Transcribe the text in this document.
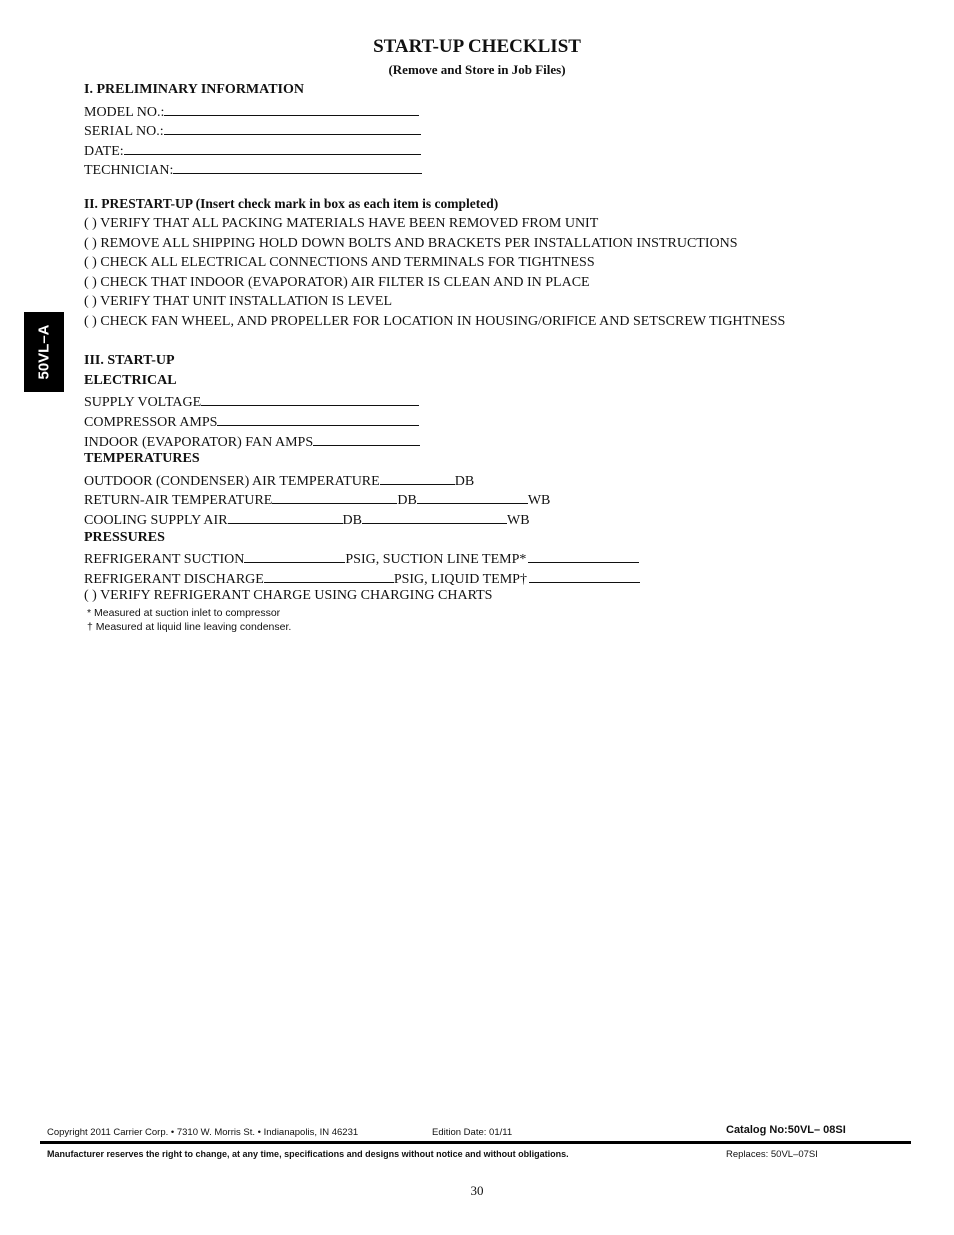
START-UP CHECKLIST
(Remove and Store in Job Files)
50VL–A
I. PRELIMINARY INFORMATION
MODEL NO.:
SERIAL NO.:
DATE:
TECHNICIAN:
II. PRESTART-UP (Insert check mark in box as each item is completed)
( ) VERIFY THAT ALL PACKING MATERIALS HAVE BEEN REMOVED FROM UNIT
( ) REMOVE ALL SHIPPING HOLD DOWN BOLTS AND BRACKETS PER INSTALLATION INSTRUCTIONS
( ) CHECK ALL ELECTRICAL CONNECTIONS AND TERMINALS FOR TIGHTNESS
( ) CHECK THAT INDOOR (EVAPORATOR) AIR FILTER IS CLEAN AND IN PLACE
( ) VERIFY THAT UNIT INSTALLATION IS LEVEL
( ) CHECK FAN WHEEL, AND PROPELLER FOR LOCATION IN HOUSING/ORIFICE AND SETSCREW TIGHTNESS
III. START-UP
ELECTRICAL
SUPPLY VOLTAGE
COMPRESSOR AMPS
INDOOR (EVAPORATOR) FAN AMPS
TEMPERATURES
OUTDOOR (CONDENSER) AIR TEMPERATURE	DB
RETURN-AIR TEMPERATURE	DB	WB
COOLING SUPPLY AIR	DB	WB
PRESSURES
REFRIGERANT SUCTION	PSIG, SUCTION LINE TEMP*
REFRIGERANT DISCHARGE	PSIG, LIQUID TEMP†
( ) VERIFY REFRIGERANT CHARGE USING CHARGING CHARTS
* Measured at suction inlet to compressor
† Measured at liquid line leaving condenser.
Copyright 2011 Carrier Corp. • 7310 W. Morris St. • Indianapolis, IN 46231	Edition Date: 01/11	Catalog No:50VL– 08SI
Manufacturer reserves the right to change, at any time, specifications and designs without notice and without obligations.	Replaces: 50VL–07SI
30
